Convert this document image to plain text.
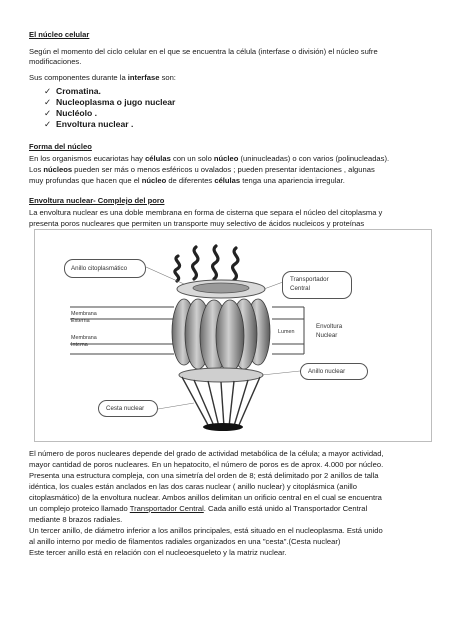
El núcleo celular
Según el momento del ciclo celular en el que se encuentra la célula (interfase o división) el núcleo sufre
modificaciones.
Sus componentes durante la interfase son:
✓ Cromatina.
✓ Nucleoplasma o jugo nuclear
✓ Nucléolo .
✓ Envoltura nuclear .
Forma del núcleo
En los organismos eucariotas hay células con un solo núcleo (uninucleadas) o con varios (polinucleadas).
Los núcleos pueden ser más o menos esféricos u ovalados ; pueden presentar identaciones , algunas
muy profundas que hacen que el núcleo de diferentes células tenga una apariencia irregular.
Envoltura nuclear- Complejo del poro
La envoltura nuclear es una doble membrana en forma de cisterna que separa el núcleo del citoplasma y
presenta poros nucleares que permiten un transporte muy selectivo de ácidos nucleicos y proteínas
Anillo citoplasmático
Transportador
Central
Membrana
Externa
Membrana
Interna
Lumen
Envoltura
Nuclear
Anillo nuclear
Cesta nuclear
El número de poros nucleares depende del grado de actividad metabólica de la célula; a mayor actividad,
mayor cantidad de poros nucleares. En un hepatocito, el número de poros es de aprox. 4.000 por núcleo.
Presenta una estructura compleja, con una simetría del orden de 8; está delimitado por 2 anillos de talla
idéntica, los cuales están anclados en las dos caras nuclear ( anillo nuclear) y citoplásmica (anillo
citoplasmático) de la envoltura nuclear. Ambos anillos delimitan un orificio central en el cual se encuentra
un complejo proteico llamado Transportador Central. Cada anillo está unido al Transportador Central
mediante 8 brazos radiales.
Un tercer anillo, de diámetro inferior a los anillos principales, está situado en el nucleoplasma. Está unido
al anillo interno por medio de filamentos radiales organizados en una "cesta".(Cesta nuclear)
Este tercer anillo está en relación con el nucleoesqueleto y la matriz nuclear.
